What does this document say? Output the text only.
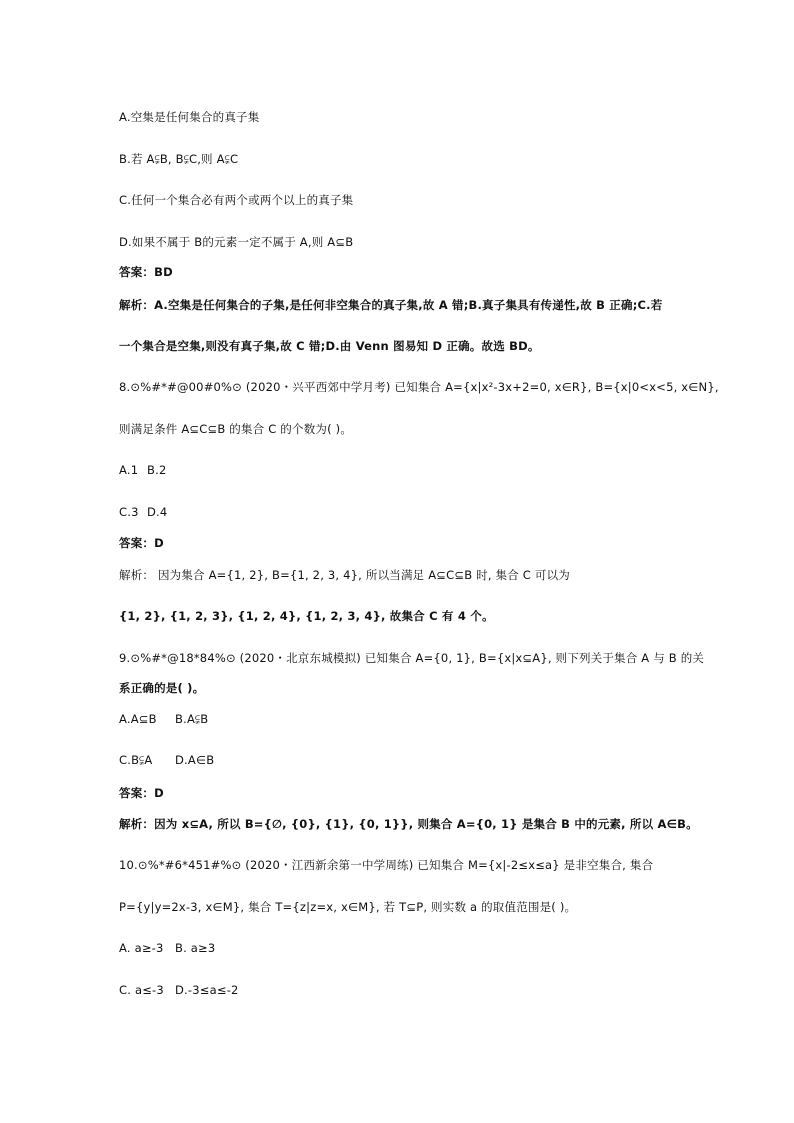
A.空集是任何集合的真子集
B.若 A⫋B, B⫋C,则 A⫋C
C.任何一个集合必有两个或两个以上的真子集
D.如果不属于 B的元素一定不属于 A,则 A⊆B
答案：BD
解析：A.空集是任何集合的子集,是任何非空集合的真子集,故 A 错;B.真子集具有传递性,故 B 正确;C.若
一个集合是空集,则没有真子集,故 C 错;D.由 Venn 图易知 D 正确。故选 BD。
8.⊙%#*#@00#0%⊙ (2020・兴平西郊中学月考) 已知集合 A={x|x²-3x+2=0, x∈R}, B={x|0<x<5, x∈N},
则满足条件 A⊆C⊆B 的集合 C 的个数为( )。
A.1 B.2
C.3 D.4
答案：D
解析： 因为集合 A={1, 2}, B={1, 2, 3, 4}, 所以当满足 A⊆C⊆B 时, 集合 C 可以为
{1, 2}, {1, 2, 3}, {1, 2, 4}, {1, 2, 3, 4}, 故集合 C 有 4 个。
9.⊙%#*@18*84%⊙ (2020・北京东城模拟) 已知集合 A={0, 1}, B={x|x⊆A}, 则下列关于集合 A 与 B 的关
系正确的是( )。
A.A⊆B B.A⫋B
C.B⫋A D.A∈B
答案：D
解析：因为 x⊆A, 所以 B={∅, {0}, {1}, {0, 1}}, 则集合 A={0, 1} 是集合 B 中的元素, 所以 A∈B。
10.⊙%*#6*451#%⊙ (2020・江西新余第一中学周练) 已知集合 M={x|-2≤x≤a} 是非空集合, 集合
P={y|y=2x-3, x∈M}, 集合 T={z|z=x, x∈M}, 若 T⊆P, 则实数 a 的取值范围是( )。
A. a≥-3 B. a≥3
C. a≤-3 D.-3≤a≤-2
